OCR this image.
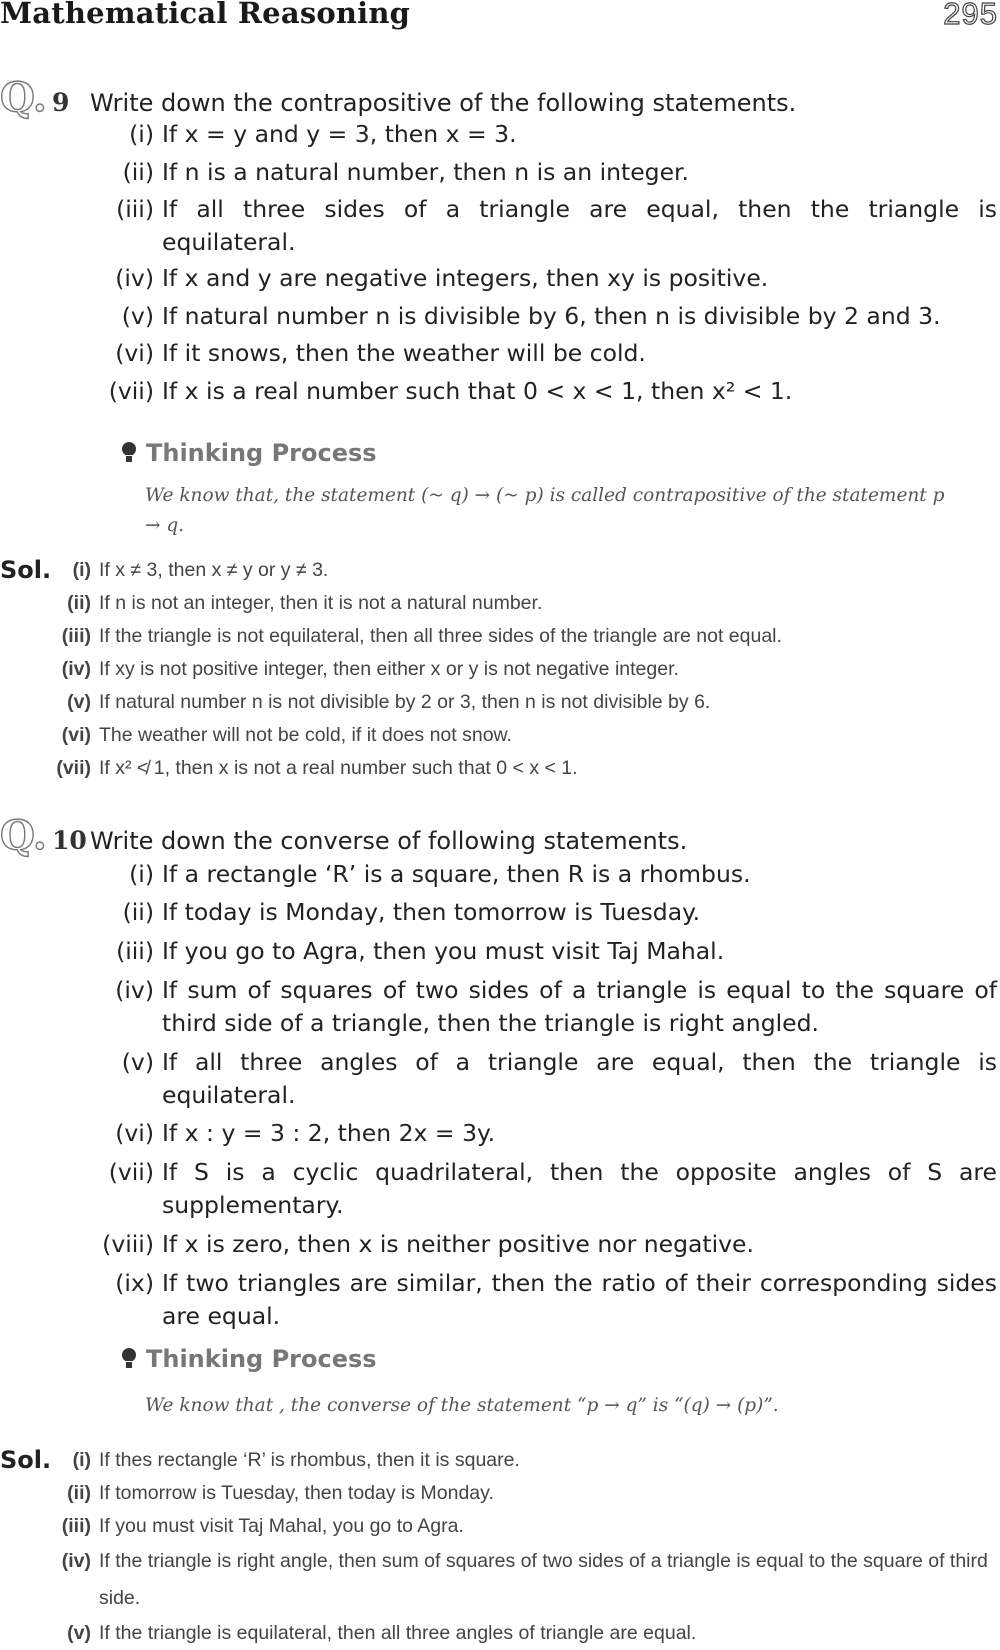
Mathematical Reasoning	295
Q. 9 Write down the contrapositive of the following statements.
(i) If x = y and y = 3, then x = 3.
(ii) If n is a natural number, then n is an integer.
(iii) If all three sides of a triangle are equal, then the triangle is equilateral.
(iv) If x and y are negative integers, then xy is positive.
(v) If natural number n is divisible by 6, then n is divisible by 2 and 3.
(vi) If it snows, then the weather will be cold.
(vii) If x is a real number such that 0 < x < 1, then x² < 1.
Thinking Process
We know that, the statement (~ q) → (~ p) is called contrapositive of the statement p → q.
Sol. (i) If x ≠ 3, then x ≠ y or y ≠ 3.
(ii) If n is not an integer, then it is not a natural number.
(iii) If the triangle is not equilateral, then all three sides of the triangle are not equal.
(iv) If xy is not positive integer, then either x or y is not negative integer.
(v) If natural number n is not divisible by 2 or 3, then n is not divisible by 6.
(vi) The weather will not be cold, if it does not snow.
(vii) If x² ≮ 1, then x is not a real number such that 0 < x < 1.
Q. 10 Write down the converse of following statements.
(i) If a rectangle ‘R’ is a square, then R is a rhombus.
(ii) If today is Monday, then tomorrow is Tuesday.
(iii) If you go to Agra, then you must visit Taj Mahal.
(iv) If sum of squares of two sides of a triangle is equal to the square of third side of a triangle, then the triangle is right angled.
(v) If all three angles of a triangle are equal, then the triangle is equilateral.
(vi) If x : y = 3 : 2, then 2x = 3y.
(vii) If S is a cyclic quadrilateral, then the opposite angles of S are supplementary.
(viii) If x is zero, then x is neither positive nor negative.
(ix) If two triangles are similar, then the ratio of their corresponding sides are equal.
Thinking Process
We know that , the converse of the statement “p → q” is “(q) → (p)”.
Sol. (i) If thes rectangle ‘R’ is rhombus, then it is square.
(ii) If tomorrow is Tuesday, then today is Monday.
(iii) If you must visit Taj Mahal, you go to Agra.
(iv) If the triangle is right angle, then sum of squares of two sides of a triangle is equal to the square of third side.
(v) If the triangle is equilateral, then all three angles of triangle are equal.
